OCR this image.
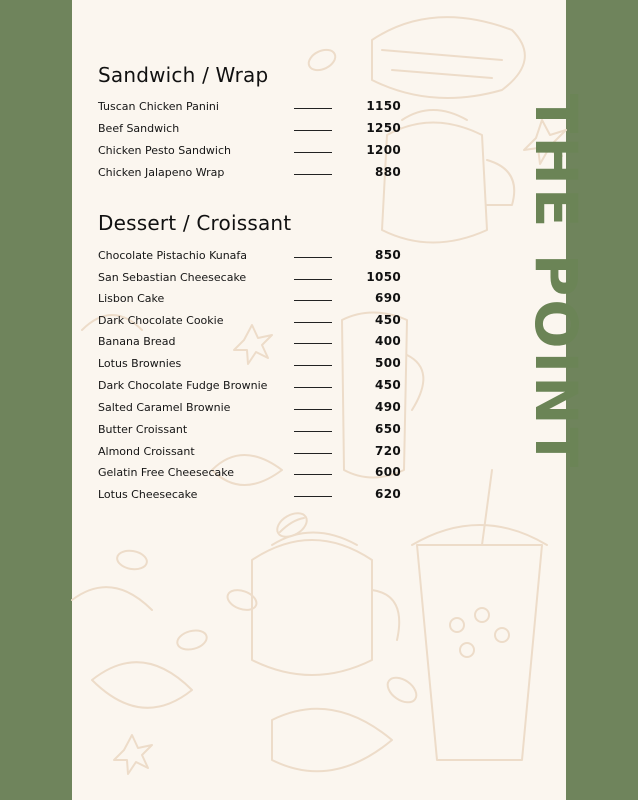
Sandwich / Wrap
Tuscan Chicken Panini	1150
Beef Sandwich	1250
Chicken Pesto Sandwich	1200
Chicken Jalapeno Wrap	880
Dessert / Croissant
Chocolate Pistachio Kunafa	850
San Sebastian Cheesecake	1050
Lisbon Cake	690
Dark Chocolate Cookie	450
Banana Bread	400
Lotus Brownies	500
Dark Chocolate Fudge Brownie	450
Salted Caramel Brownie	490
Butter Croissant	650
Almond Croissant	720
Gelatin Free Cheesecake	600
Lotus Cheesecake	620
THE POINT
